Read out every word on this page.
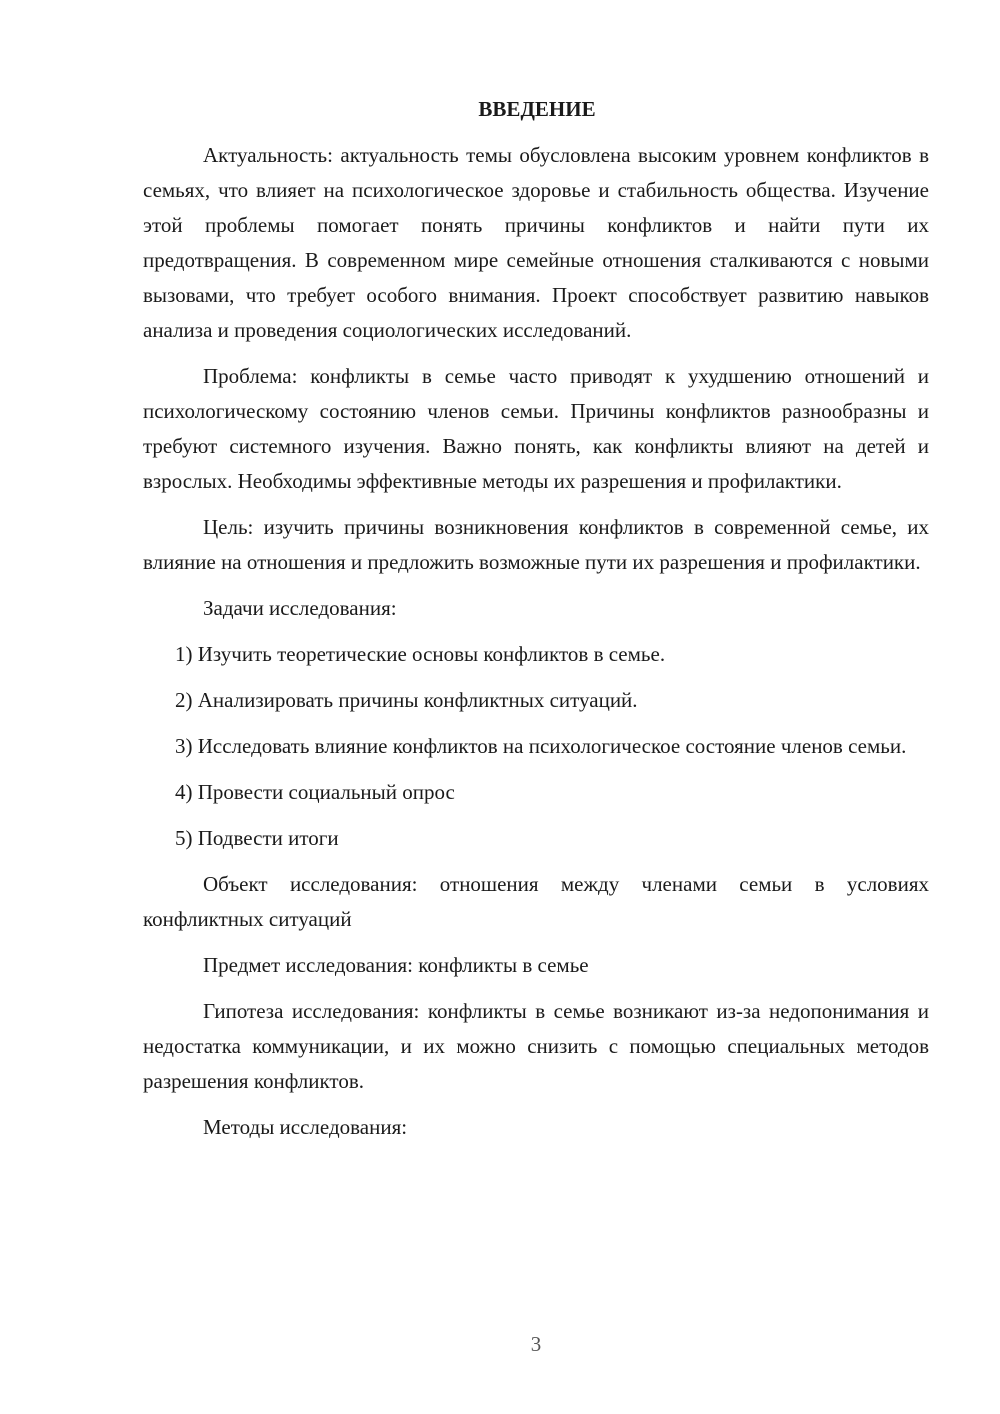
ВВЕДЕНИЕ

Актуальность: актуальность темы обусловлена высоким уровнем конфликтов в семьях, что влияет на психологическое здоровье и стабильность общества. Изучение этой проблемы помогает понять причины конфликтов и найти пути их предотвращения. В современном мире семейные отношения сталкиваются с новыми вызовами, что требует особого внимания. Проект способствует развитию навыков анализа и проведения социологических исследований.

Проблема: конфликты в семье часто приводят к ухудшению отношений и психологическому состоянию членов семьи. Причины конфликтов разнообразны и требуют системного изучения. Важно понять, как конфликты влияют на детей и взрослых. Необходимы эффективные методы их разрешения и профилактики.

Цель: изучить причины возникновения конфликтов в современной семье, их влияние на отношения и предложить возможные пути их разрешения и профилактики.

Задачи исследования:

1) Изучить теоретические основы конфликтов в семье.

2) Анализировать причины конфликтных ситуаций.

3) Исследовать влияние конфликтов на психологическое состояние членов семьи.

4) Провести социальный опрос

5) Подвести итоги

Объект исследования: отношения между членами семьи в условиях конфликтных ситуаций

Предмет исследования: конфликты в семье

Гипотеза исследования: конфликты в семье возникают из-за недопонимания и недостатка коммуникации, и их можно снизить с помощью специальных методов разрешения конфликтов.

Методы исследования:

3
